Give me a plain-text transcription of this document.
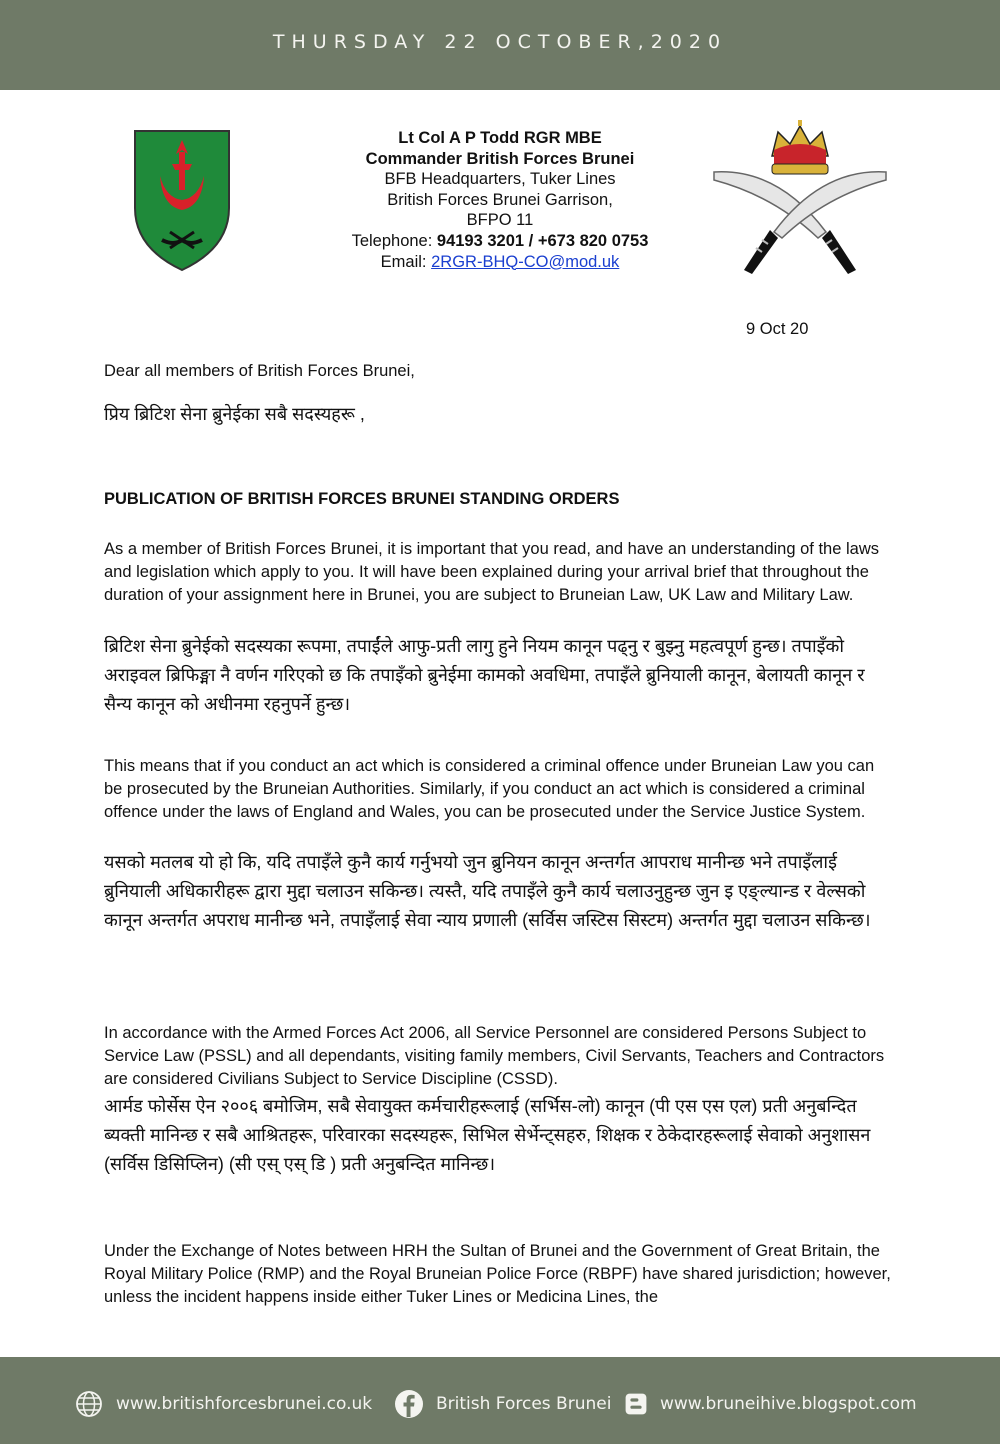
THURSDAY 22 OCTOBER,2020
Lt Col A P Todd RGR MBE
Commander British Forces Brunei
BFB Headquarters, Tuker Lines
British Forces Brunei Garrison,
BFPO 11
Telephone: 94193 3201 / +673 820 0753
Email: 2RGR-BHQ-CO@mod.uk
9 Oct 20
Dear all members of British Forces Brunei,
प्रिय ब्रिटिश सेना ब्रुनेईका सबै सदस्यहरू ,
PUBLICATION OF BRITISH FORCES BRUNEI STANDING ORDERS

As a member of British Forces Brunei, it is important that you read, and have an understanding of the laws and legislation which apply to you. It will have been explained during your arrival brief that throughout the duration of your assignment here in Brunei, you are subject to Bruneian Law, UK Law and Military Law.

ब्रिटिश सेना ब्रुनेईको सदस्यका रूपमा, तपाईंले आफु-प्रती लागु हुने नियम कानून पढ्नु र बुझ्नु महत्वपूर्ण हुन्छ। तपाइँको अराइवल ब्रिफिङ्मा नै वर्णन गरिएको छ कि तपाइँको ब्रुनेईमा कामको अवधिमा, तपाइँले ब्रुनियाली कानून, बेलायती कानून र सैन्य कानून को अधीनमा रहनुपर्ने हुन्छ।

This means that if you conduct an act which is considered a criminal offence under Bruneian Law you can be prosecuted by the Bruneian Authorities. Similarly, if you conduct an act which is considered a criminal offence under the laws of England and Wales, you can be prosecuted under the Service Justice System.

यसको मतलब यो हो कि, यदि तपाइँले कुनै कार्य गर्नुभयो जुन ब्रुनियन कानून अन्तर्गत आपराध मानीन्छ भने तपाइँलाई ब्रुनियाली अधिकारीहरू द्वारा मुद्दा चलाउन सकिन्छ। त्यस्तै, यदि तपाइँले कुनै कार्य चलाउनुहुन्छ जुन इ एङ्ल्यान्ड र वेल्सको कानून अन्तर्गत अपराध मानीन्छ भने, तपाइँलाई सेवा न्याय प्रणाली (सर्विस जस्टिस सिस्टम) अन्तर्गत मुद्दा चलाउन सकिन्छ।

In accordance with the Armed Forces Act 2006, all Service Personnel are considered Persons Subject to Service Law (PSSL) and all dependants, visiting family members, Civil Servants, Teachers and Contractors are considered Civilians Subject to Service Discipline (CSSD).

आर्मड फोर्सेस ऐन २००६ बमोजिम, सबै सेवायुक्त कर्मचारीहरूलाई (सर्भिस-लो) कानून (पी एस एस एल) प्रती अनुबन्दित ब्यक्ती मानिन्छ र सबै आश्रितहरू, परिवारका सदस्यहरू, सिभिल सेर्भेन्ट्सहरु, शिक्षक र ठेकेदारहरूलाई सेवाको अनुशासन (सर्विस डिसिप्लिन) (सी एस् एस् डि ) प्रती अनुबन्दित मानिन्छ।

Under the Exchange of Notes between HRH the Sultan of Brunei and the Government of Great Britain, the Royal Military Police (RMP) and the Royal Bruneian Police Force (RBPF) have shared jurisdiction; however, unless the incident happens inside either Tuker Lines or Medicina Lines, the

www.britishforcesbrunei.co.uk	British Forces Brunei	www.bruneihive.blogspot.com
